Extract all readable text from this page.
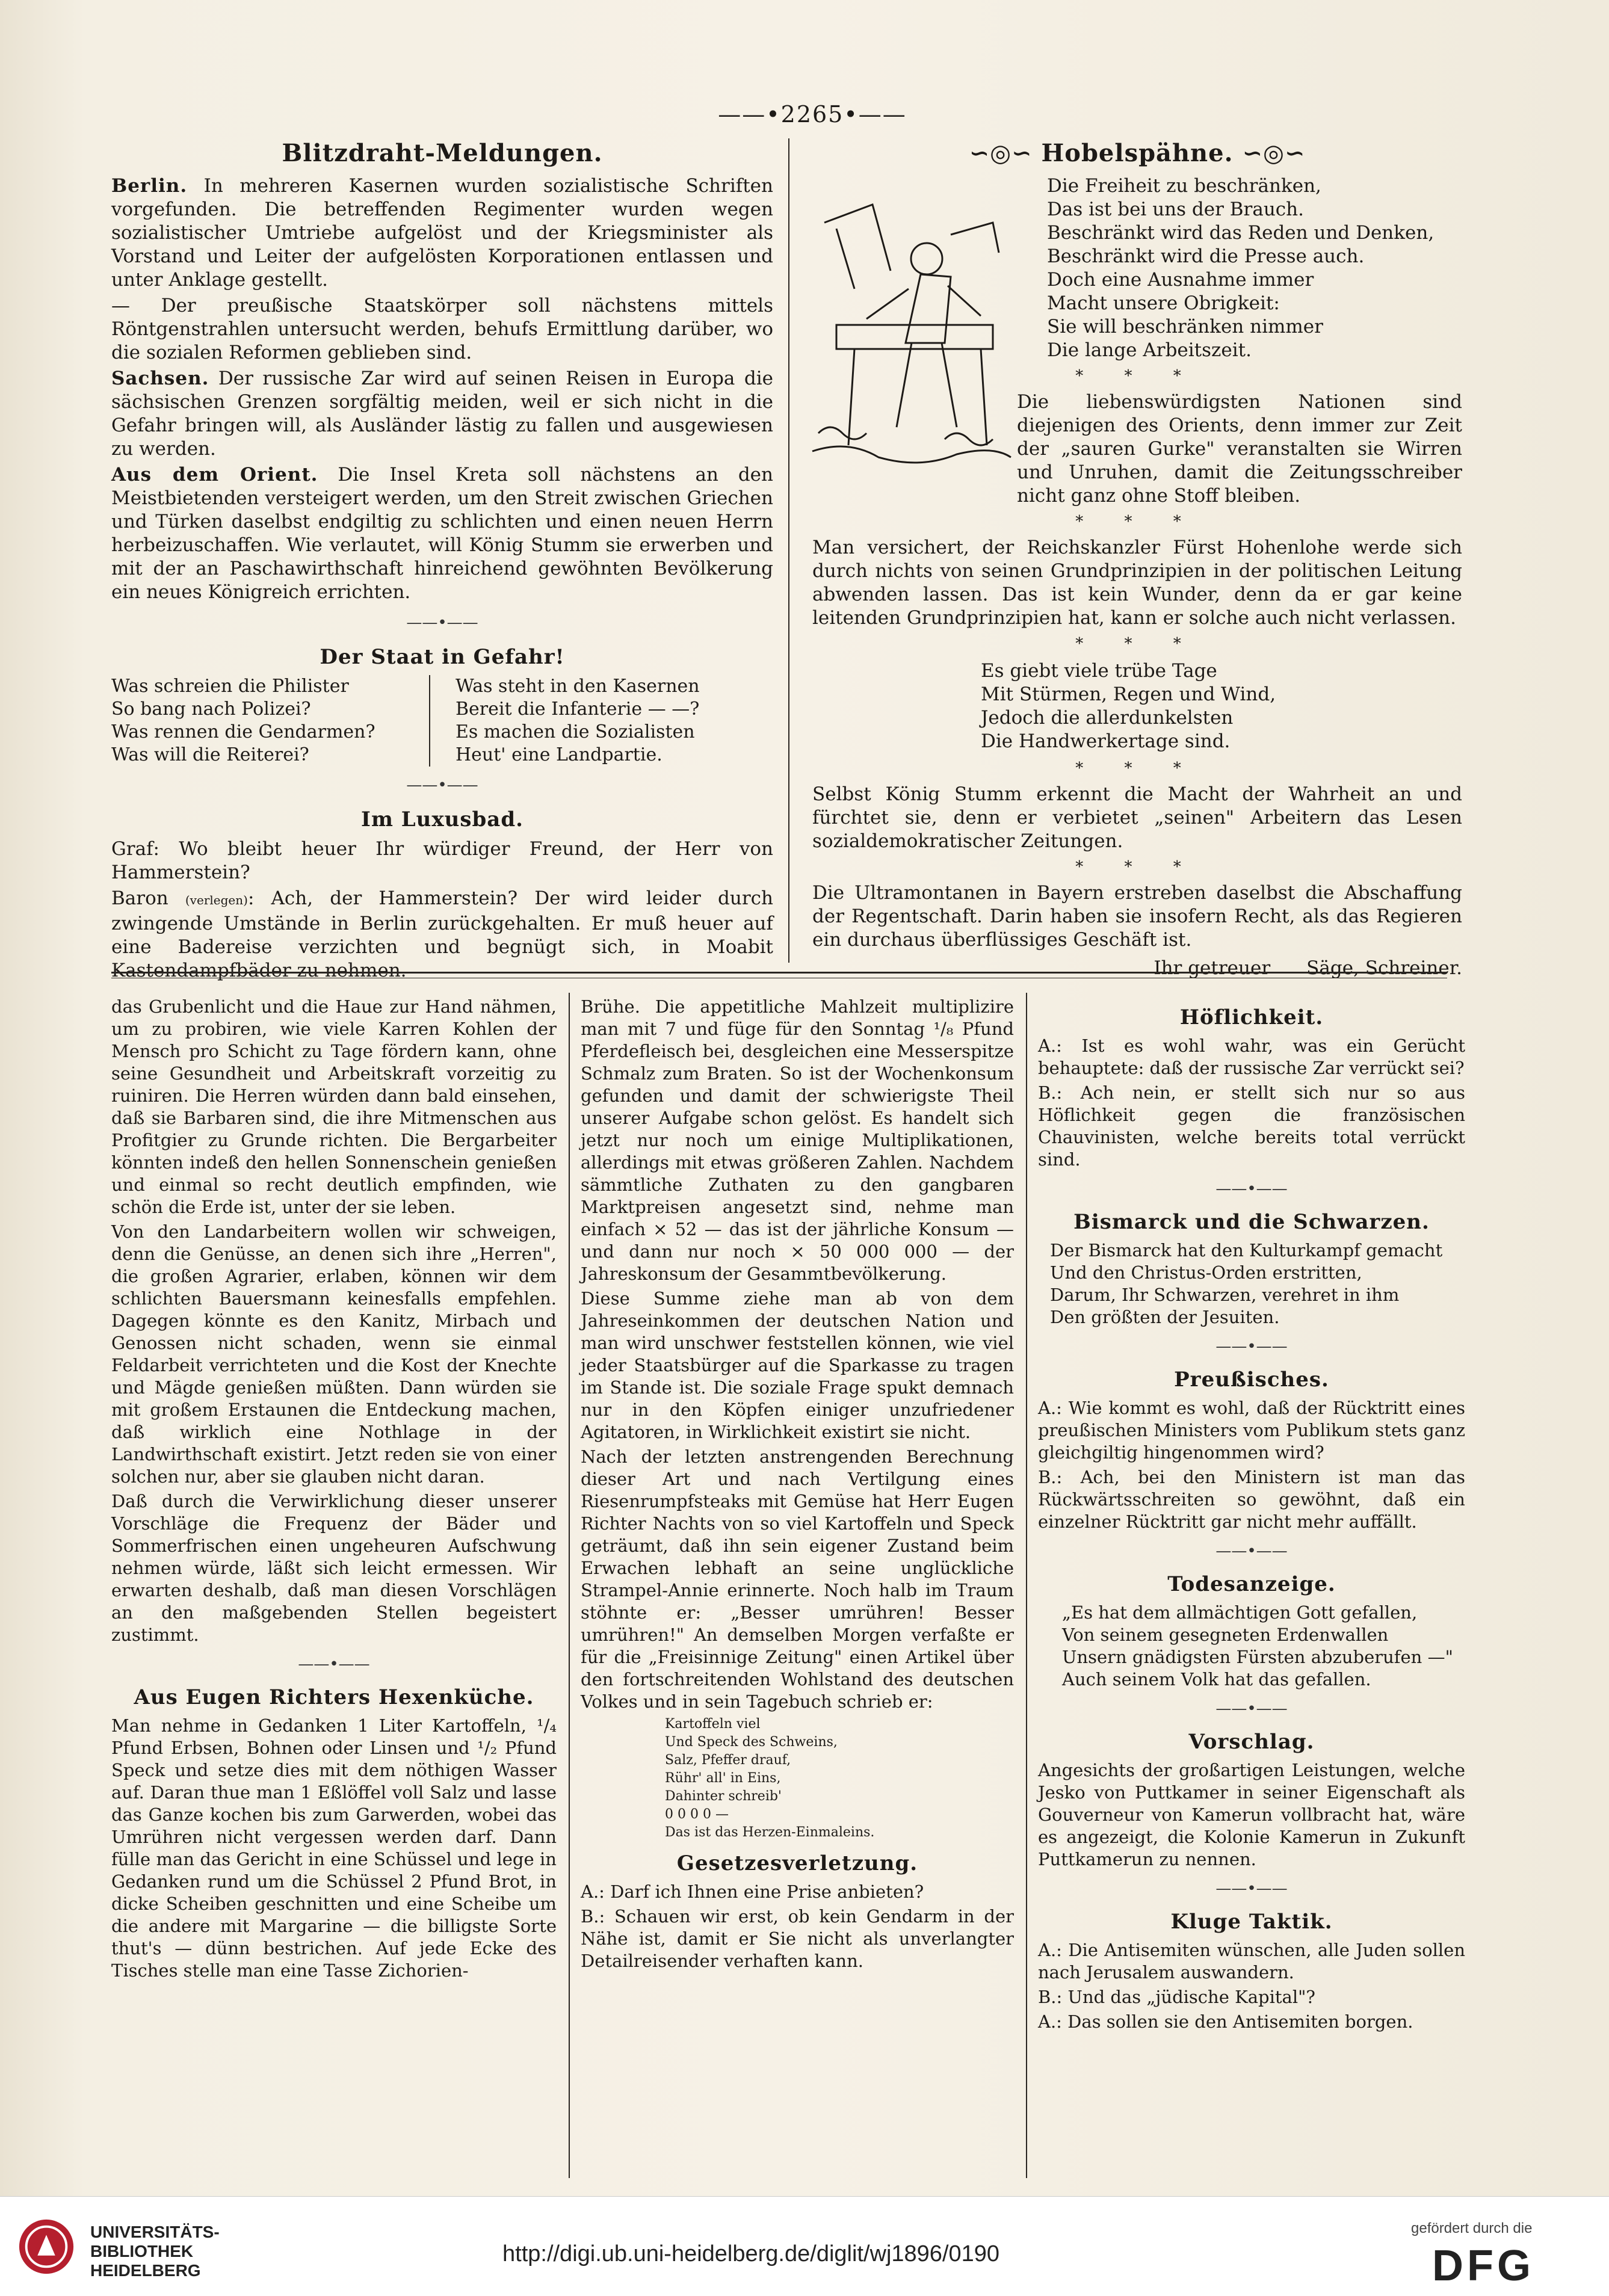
——•2265•——
Blitzdraht-Meldungen.

Berlin. In mehreren Kasernen wurden sozialistische Schriften vorgefunden. Die betreffenden Regimenter wurden wegen sozialistischer Umtriebe aufgelöst und der Kriegsminister als Vorstand und Leiter der aufgelösten Korporationen entlassen und unter Anklage gestellt.

— Der preußische Staatskörper soll nächstens mittels Röntgenstrahlen untersucht werden, behufs Ermittlung darüber, wo die sozialen Reformen geblieben sind.

Sachsen. Der russische Zar wird auf seinen Reisen in Europa die sächsischen Grenzen sorgfältig meiden, weil er sich nicht in die Gefahr bringen will, als Ausländer lästig zu fallen und ausgewiesen zu werden.

Aus dem Orient. Die Insel Kreta soll nächstens an den Meistbietenden versteigert werden, um den Streit zwischen Griechen und Türken daselbst endgiltig zu schlichten und einen neuen Herrn herbeizuschaffen. Wie verlautet, will König Stumm sie erwerben und mit der an Paschawirthschaft hinreichend gewöhnten Bevölkerung ein neues Königreich errichten.

——•——
Der Staat in Gefahr!
Was schreien die Philister
So bang nach Polizei?
Was rennen die Gendarmen?
Was will die Reiterei?
Was steht in den Kasernen
Bereit die Infanterie — —?
Es machen die Sozialisten
Heut' eine Landpartie.
——•——
Im Luxusbad.

Graf: Wo bleibt heuer Ihr würdiger Freund, der Herr von Hammerstein?

Baron (verlegen): Ach, der Hammerstein? Der wird leider durch zwingende Umstände in Berlin zurückgehalten. Er muß heuer auf eine Badereise verzichten und begnügt sich, in Moabit Kastendampfbäder zu nehmen.

∽◎∽ Hobelspähne. ∽◎∽
Die Freiheit zu beschränken,
Das ist bei uns der Brauch.
Beschränkt wird das Reden und Denken,
Beschränkt wird die Presse auch.
Doch eine Ausnahme immer
Macht unsere Obrigkeit:
Sie will beschränken nimmer
Die lange Arbeitszeit.
* * *

Die liebenswürdigsten Nationen sind diejenigen des Orients, denn immer zur Zeit der „sauren Gurke" veranstalten sie Wirren und Unruhen, damit die Zeitungsschreiber nicht ganz ohne Stoff bleiben.

* * *

Man versichert, der Reichskanzler Fürst Hohenlohe werde sich durch nichts von seinen Grundprinzipien in der politischen Leitung abwenden lassen. Das ist kein Wunder, denn da er gar keine leitenden Grundprinzipien hat, kann er solche auch nicht verlassen.

* * *
Es giebt viele trübe Tage
Mit Stürmen, Regen und Wind,
Jedoch die allerdunkelsten
Die Handwerkertage sind.
* * *

Selbst König Stumm erkennt die Macht der Wahrheit an und fürchtet sie, denn er verbietet „seinen" Arbeitern das Lesen sozialdemokratischer Zeitungen.

* * *

Die Ultramontanen in Bayern erstreben daselbst die Abschaffung der Regentschaft. Darin haben sie insofern Recht, als das Regieren ein durchaus überflüssiges Geschäft ist.

Ihr getreuer Säge, Schreiner.

das Grubenlicht und die Haue zur Hand nähmen, um zu probiren, wie viele Karren Kohlen der Mensch pro Schicht zu Tage fördern kann, ohne seine Gesundheit und Arbeitskraft vorzeitig zu ruiniren. Die Herren würden dann bald einsehen, daß sie Barbaren sind, die ihre Mitmenschen aus Profitgier zu Grunde richten. Die Bergarbeiter könnten indeß den hellen Sonnenschein genießen und einmal so recht deutlich empfinden, wie schön die Erde ist, unter der sie leben.

Von den Landarbeitern wollen wir schweigen, denn die Genüsse, an denen sich ihre „Herren", die großen Agrarier, erlaben, können wir dem schlichten Bauersmann keinesfalls empfehlen. Dagegen könnte es den Kanitz, Mirbach und Genossen nicht schaden, wenn sie einmal Feldarbeit verrichteten und die Kost der Knechte und Mägde genießen müßten. Dann würden sie mit großem Erstaunen die Entdeckung machen, daß wirklich eine Nothlage in der Landwirthschaft existirt. Jetzt reden sie von einer solchen nur, aber sie glauben nicht daran.

Daß durch die Verwirklichung dieser unserer Vorschläge die Frequenz der Bäder und Sommerfrischen einen ungeheuren Aufschwung nehmen würde, läßt sich leicht ermessen. Wir erwarten deshalb, daß man diesen Vorschlägen an den maßgebenden Stellen begeistert zustimmt.

——•——
Aus Eugen Richters Hexenküche.

Man nehme in Gedanken 1 Liter Kartoffeln, ¹/₄ Pfund Erbsen, Bohnen oder Linsen und ¹/₂ Pfund Speck und setze dies mit dem nöthigen Wasser auf. Daran thue man 1 Eßlöffel voll Salz und lasse das Ganze kochen bis zum Garwerden, wobei das Umrühren nicht vergessen werden darf. Dann fülle man das Gericht in eine Schüssel und lege in Gedanken rund um die Schüssel 2 Pfund Brot, in dicke Scheiben geschnitten und eine Scheibe um die andere mit Margarine — die billigste Sorte thut's — dünn bestrichen. Auf jede Ecke des Tisches stelle man eine Tasse Zichorien-

Brühe. Die appetitliche Mahlzeit multiplizire man mit 7 und füge für den Sonntag ¹/₈ Pfund Pferdefleisch bei, desgleichen eine Messerspitze Schmalz zum Braten. So ist der Wochenkonsum gefunden und damit der schwierigste Theil unserer Aufgabe schon gelöst. Es handelt sich jetzt nur noch um einige Multiplikationen, allerdings mit etwas größeren Zahlen. Nachdem sämmtliche Zuthaten zu den gangbaren Marktpreisen angesetzt sind, nehme man einfach × 52 — das ist der jährliche Konsum — und dann nur noch × 50 000 000 — der Jahreskonsum der Gesammtbevölkerung.

Diese Summe ziehe man ab von dem Jahreseinkommen der deutschen Nation und man wird unschwer feststellen können, wie viel jeder Staatsbürger auf die Sparkasse zu tragen im Stande ist. Die soziale Frage spukt demnach nur in den Köpfen einiger unzufriedener Agitatoren, in Wirklichkeit existirt sie nicht.

Nach der letzten anstrengenden Berechnung dieser Art und nach Vertilgung eines Riesenrumpfsteaks mit Gemüse hat Herr Eugen Richter Nachts von so viel Kartoffeln und Speck geträumt, daß ihn sein eigener Zustand beim Erwachen lebhaft an seine unglückliche Strampel-Annie erinnerte. Noch halb im Traum stöhnte er: „Besser umrühren! Besser umrühren!" An demselben Morgen verfaßte er für die „Freisinnige Zeitung" einen Artikel über den fortschreitenden Wohlstand des deutschen Volkes und in sein Tagebuch schrieb er:

Kartoffeln viel
Und Speck des Schweins,
Salz, Pfeffer drauf,
Rühr' all' in Eins,
Dahinter schreib'
0 0 0 0 —
Das ist das Herzen-Einmaleins.
Gesetzesverletzung.

A.: Darf ich Ihnen eine Prise anbieten?

B.: Schauen wir erst, ob kein Gendarm in der Nähe ist, damit er Sie nicht als unverlangter Detailreisender verhaften kann.

Höflichkeit.

A.: Ist es wohl wahr, was ein Gerücht behauptete: daß der russische Zar verrückt sei?

B.: Ach nein, er stellt sich nur so aus Höflichkeit gegen die französischen Chauvinisten, welche bereits total verrückt sind.

——•——
Bismarck und die Schwarzen.
Der Bismarck hat den Kulturkampf gemacht
Und den Christus-Orden erstritten,
Darum, Ihr Schwarzen, verehret in ihm
Den größten der Jesuiten.
——•——
Preußisches.

A.: Wie kommt es wohl, daß der Rücktritt eines preußischen Ministers vom Publikum stets ganz gleichgiltig hingenommen wird?

B.: Ach, bei den Ministern ist man das Rückwärtsschreiten so gewöhnt, daß ein einzelner Rücktritt gar nicht mehr auffällt.

——•——
Todesanzeige.
„Es hat dem allmächtigen Gott gefallen,
Von seinem gesegneten Erdenwallen
Unsern gnädigsten Fürsten abzuberufen —"
Auch seinem Volk hat das gefallen.
——•——
Vorschlag.

Angesichts der großartigen Leistungen, welche Jesko von Puttkamer in seiner Eigenschaft als Gouverneur von Kamerun vollbracht hat, wäre es angezeigt, die Kolonie Kamerun in Zukunft Puttkamerun zu nennen.

——•——
Kluge Taktik.

A.: Die Antisemiten wünschen, alle Juden sollen nach Jerusalem auswandern.

B.: Und das „jüdische Kapital"?

A.: Das sollen sie den Antisemiten borgen.

UNIVERSITÄTS-
BIBLIOTHEK
HEIDELBERG
http://digi.ub.uni-heidelberg.de/diglit/wj1896/0190
gefördert durch die
DFG
